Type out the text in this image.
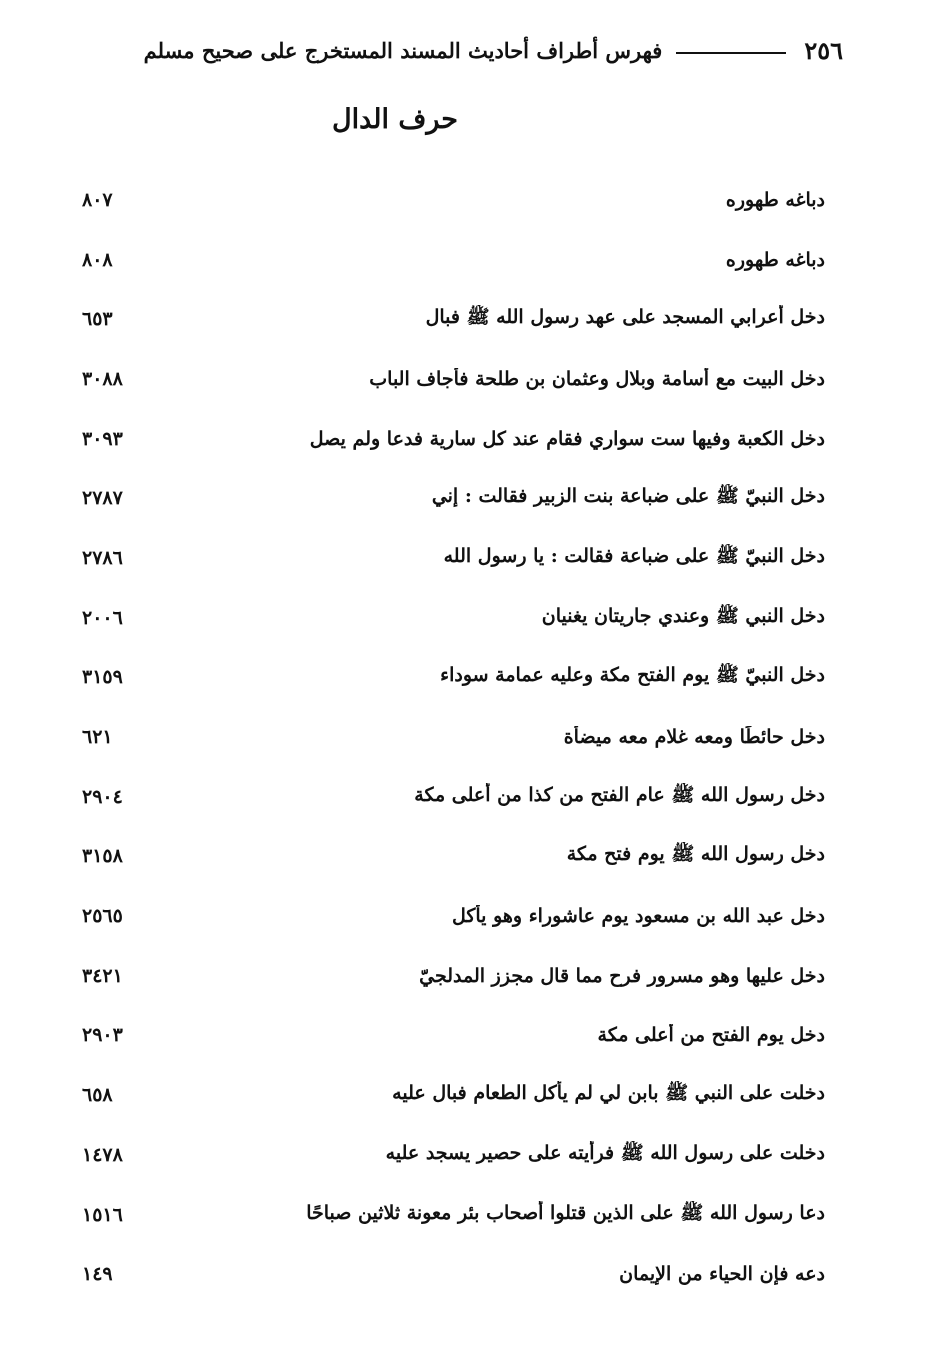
٢٥٦
فهرس أطراف أحاديث المسند المستخرج على صحيح مسلم
حرف الدال
دباغه طهوره
٨٠٧
دباغه طهوره
٨٠٨
دخل أعرابي المسجد على عهد رسول الله ﷺ فبال
٦٥٣
دخل البيت مع أسامة وبلال وعثمان بن طلحة فأجاف الباب
٣٠٨٨
دخل الكعبة وفيها ست سواري فقام عند كل سارية فدعا ولم يصل
٣٠٩٣
دخل النبيّ ﷺ على ضباعة بنت الزبير فقالت : إني
٢٧٨٧
دخل النبيّ ﷺ على ضباعة فقالت : يا رسول الله
٢٧٨٦
دخل النبي ﷺ وعندي جاريتان يغنيان
٢٠٠٦
دخل النبيّ ﷺ يوم الفتح مكة وعليه عمامة سوداء
٣١٥٩
دخل حائطًا ومعه غلام معه ميضأة
٦٢١
دخل رسول الله ﷺ عام الفتح من كذا من أعلى مكة
٢٩٠٤
دخل رسول الله ﷺ يوم فتح مكة
٣١٥٨
دخل عبد الله بن مسعود يوم عاشوراء وهو يأكل
٢٥٦٥
دخل عليها وهو مسرور فرح مما قال مجزز المدلجيّ
٣٤٢١
دخل يوم الفتح من أعلى مكة
٢٩٠٣
دخلت على النبي ﷺ بابن لي لم يأكل الطعام فبال عليه
٦٥٨
دخلت على رسول الله ﷺ فرأيته على حصير يسجد عليه
١٤٧٨
دعا رسول الله ﷺ على الذين قتلوا أصحاب بئر معونة ثلاثين صباحًا
١٥١٦
دعه فإن الحياء من الإيمان
١٤٩
